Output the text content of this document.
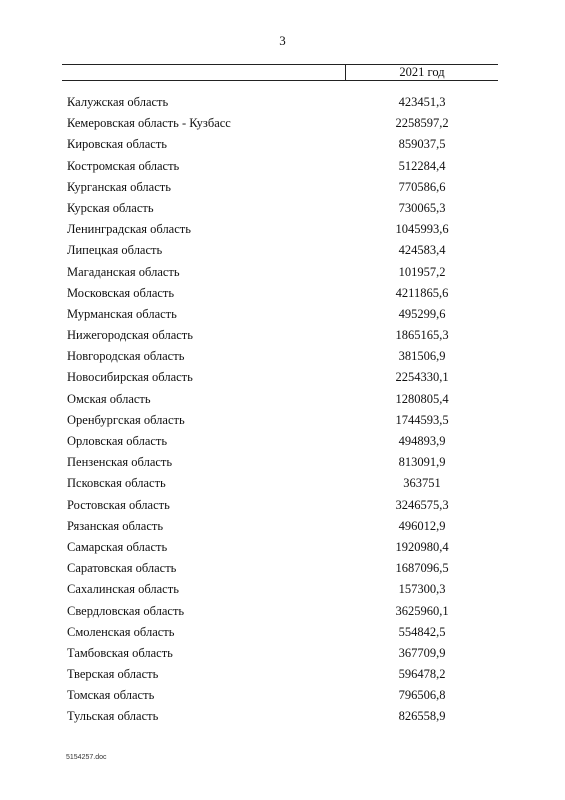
3
2021 год
Калужская область	423451,3
Кемеровская область - Кузбасс	2258597,2
Кировская область	859037,5
Костромская область	512284,4
Курганская область	770586,6
Курская область	730065,3
Ленинградская область	1045993,6
Липецкая область	424583,4
Магаданская область	101957,2
Московская область	4211865,6
Мурманская область	495299,6
Нижегородская область	1865165,3
Новгородская область	381506,9
Новосибирская область	2254330,1
Омская область	1280805,4
Оренбургская область	1744593,5
Орловская область	494893,9
Пензенская область	813091,9
Псковская область	363751
Ростовская область	3246575,3
Рязанская область	496012,9
Самарская область	1920980,4
Саратовская область	1687096,5
Сахалинская область	157300,3
Свердловская область	3625960,1
Смоленская область	554842,5
Тамбовская область	367709,9
Тверская область	596478,2
Томская область	796506,8
Тульская область	826558,9
5154257.doc
